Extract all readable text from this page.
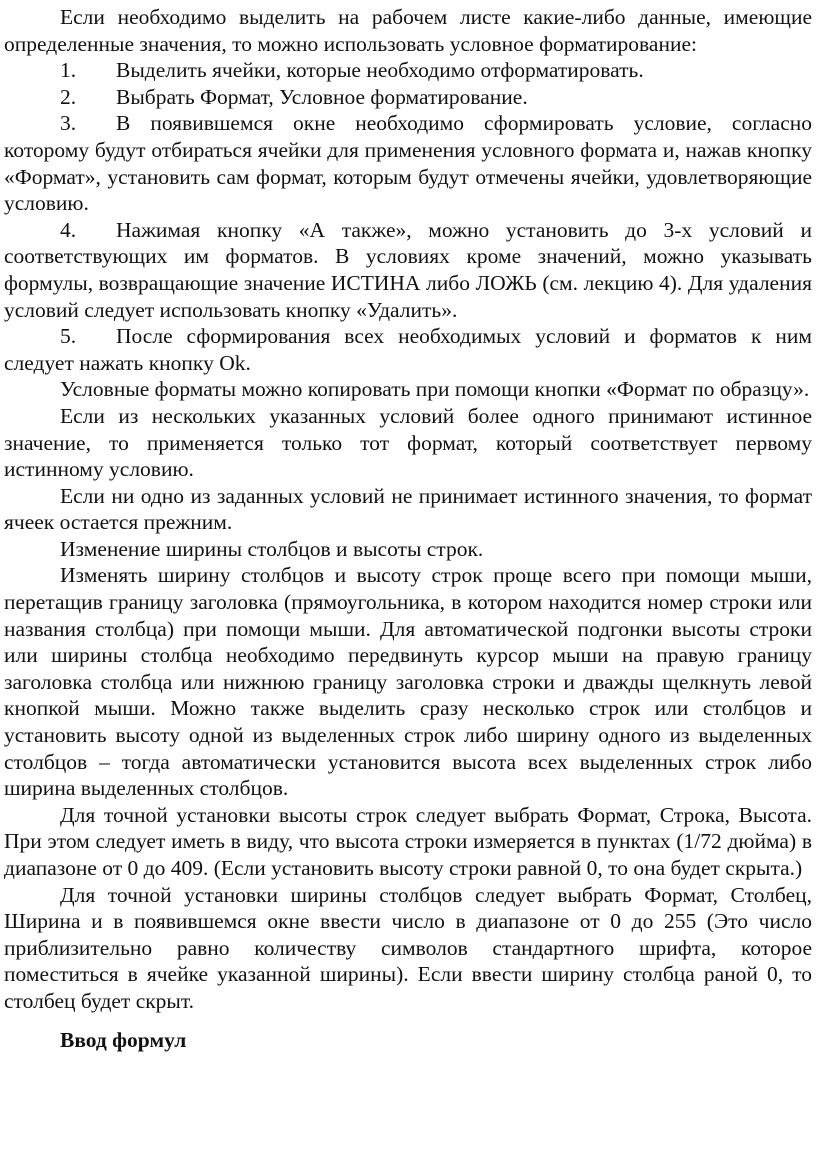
Если необходимо выделить на рабочем листе какие-либо данные, имеющие определенные значения, то можно использовать условное форматирование:

1.	Выделить ячейки, которые необходимо отформатировать.
2.	Выбрать Формат, Условное форматирование.

3. В появившемся окне необходимо сформировать условие, согласно которому будут отбираться ячейки для применения условного формата и, нажав кнопку «Формат», установить сам формат, которым будут отмечены ячейки, удовлетворяющие условию.

4. Нажимая кнопку «А также», можно установить до 3-х условий и соответствующих им форматов. В условиях кроме значений, можно указывать формулы, возвращающие значение ИСТИНА либо ЛОЖЬ (см. лекцию 4). Для удаления условий следует использовать кнопку «Удалить».

5. После сформирования всех необходимых условий и форматов к ним следует нажать кнопку Ok.

Условные форматы можно копировать при помощи кнопки «Формат по образцу».

Если из нескольких указанных условий более одного принимают истинное значение, то применяется только тот формат, который соответствует первому истинному условию.

Если ни одно из заданных условий не принимает истинного значения, то формат ячеек остается прежним.

Изменение ширины столбцов и высоты строк.

Изменять ширину столбцов и высоту строк проще всего при помощи мыши, перетащив границу заголовка (прямоугольника, в котором находится номер строки или названия столбца) при помощи мыши. Для автоматической подгонки высоты строки или ширины столбца необходимо передвинуть курсор мыши на правую границу заголовка столбца или нижнюю границу заголовка строки и дважды щелкнуть левой кнопкой мыши. Можно также выделить сразу несколько строк или столбцов и установить высоту одной из выделенных строк либо ширину одного из выделенных столбцов – тогда автоматически установится высота всех выделенных строк либо ширина выделенных столбцов.

Для точной установки высоты строк следует выбрать Формат, Строка, Высота. При этом следует иметь в виду, что высота строки измеряется в пунктах (1/72 дюйма) в диапазоне от 0 до 409. (Если установить высоту строки равной 0, то она будет скрыта.)

Для точной установки ширины столбцов следует выбрать Формат, Столбец, Ширина и в появившемся окне ввести число в диапазоне от 0 до 255 (Это число приблизительно равно количеству символов стандартного шрифта, которое поместиться в ячейке указанной ширины). Если ввести ширину столбца раной 0, то столбец будет скрыт.

Ввод формул
